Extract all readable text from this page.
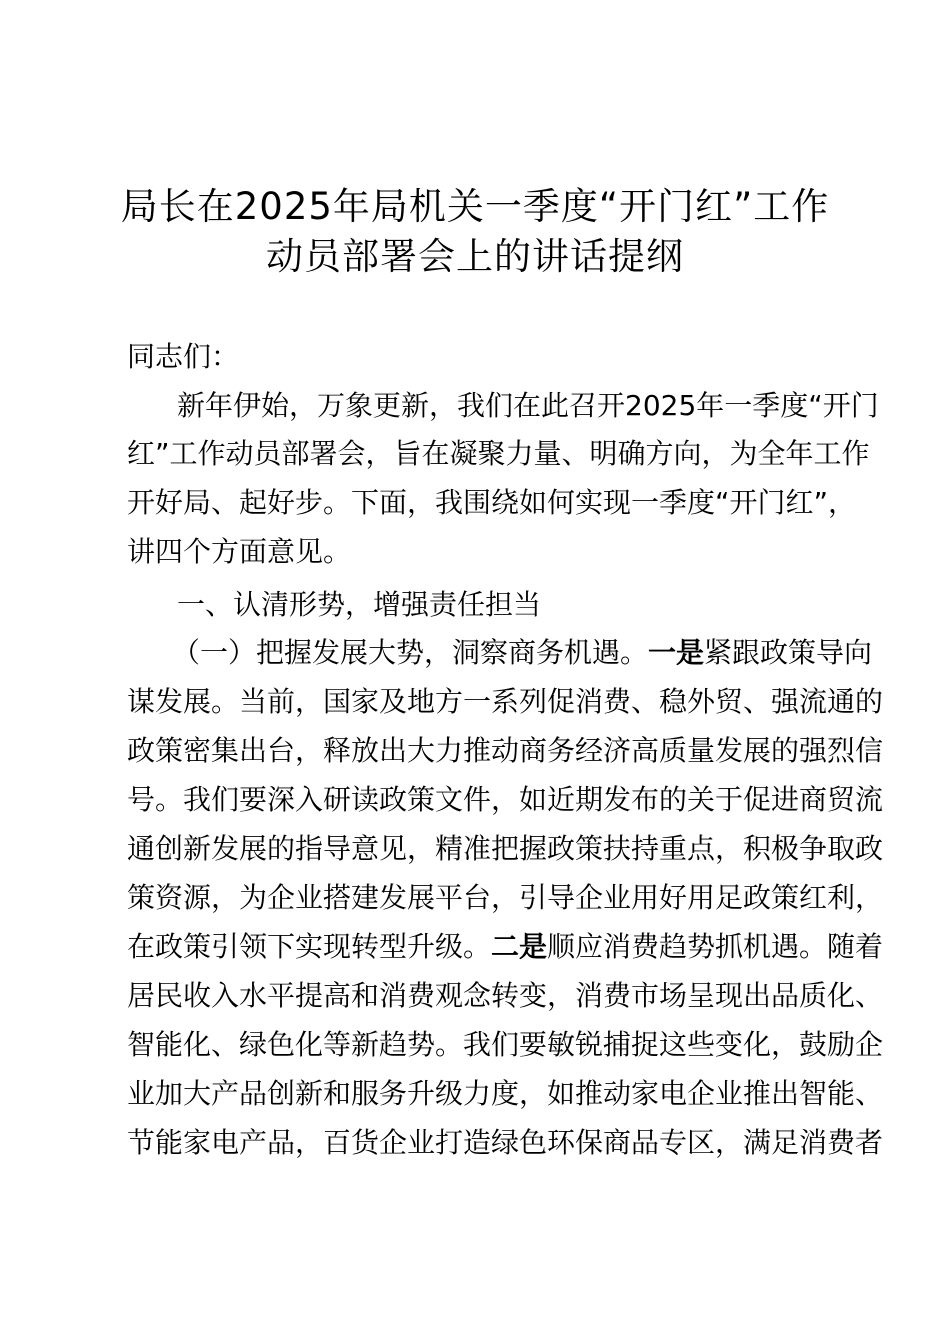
局长在2025年局机关一季度“开门红”工作
动员部署会上的讲话提纲
同志们：
新年伊始，万象更新，我们在此召开2025年一季度“开门
红”工作动员部署会，旨在凝聚力量、明确方向，为全年工作
开好局、起好步。下面，我围绕如何实现一季度“开门红”，
讲四个方面意见。
一、认清形势，增强责任担当
（一）把握发展大势，洞察商务机遇。一是紧跟政策导向
谋发展。当前，国家及地方一系列促消费、稳外贸、强流通的
政策密集出台，释放出大力推动商务经济高质量发展的强烈信
号。我们要深入研读政策文件，如近期发布的关于促进商贸流
通创新发展的指导意见，精准把握政策扶持重点，积极争取政
策资源，为企业搭建发展平台，引导企业用好用足政策红利，
在政策引领下实现转型升级。二是顺应消费趋势抓机遇。随着
居民收入水平提高和消费观念转变，消费市场呈现出品质化、
智能化、绿色化等新趋势。我们要敏锐捕捉这些变化，鼓励企
业加大产品创新和服务升级力度，如推动家电企业推出智能、
节能家电产品，百货企业打造绿色环保商品专区，满足消费者
